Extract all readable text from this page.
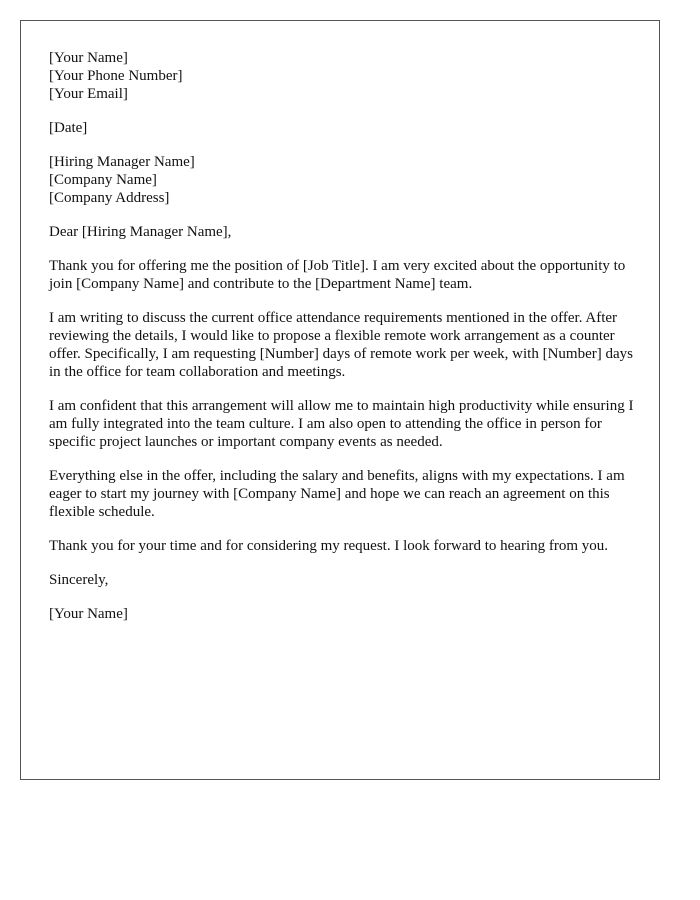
[Your Name]
[Your Phone Number]
[Your Email]
[Date]
[Hiring Manager Name]
[Company Name]
[Company Address]

Dear [Hiring Manager Name],

Thank you for offering me the position of [Job Title]. I am very excited about the opportunity to join [Company Name] and contribute to the [Department Name] team.

I am writing to discuss the current office attendance requirements mentioned in the offer. After reviewing the details, I would like to propose a flexible remote work arrangement as a counter offer. Specifically, I am requesting [Number] days of remote work per week, with [Number] days in the office for team collaboration and meetings.

I am confident that this arrangement will allow me to maintain high productivity while ensuring I am fully integrated into the team culture. I am also open to attending the office in person for specific project launches or important company events as needed.

Everything else in the offer, including the salary and benefits, aligns with my expectations. I am eager to start my journey with [Company Name] and hope we can reach an agreement on this flexible schedule.

Thank you for your time and for considering my request. I look forward to hearing from you.

Sincerely,

[Your Name]
